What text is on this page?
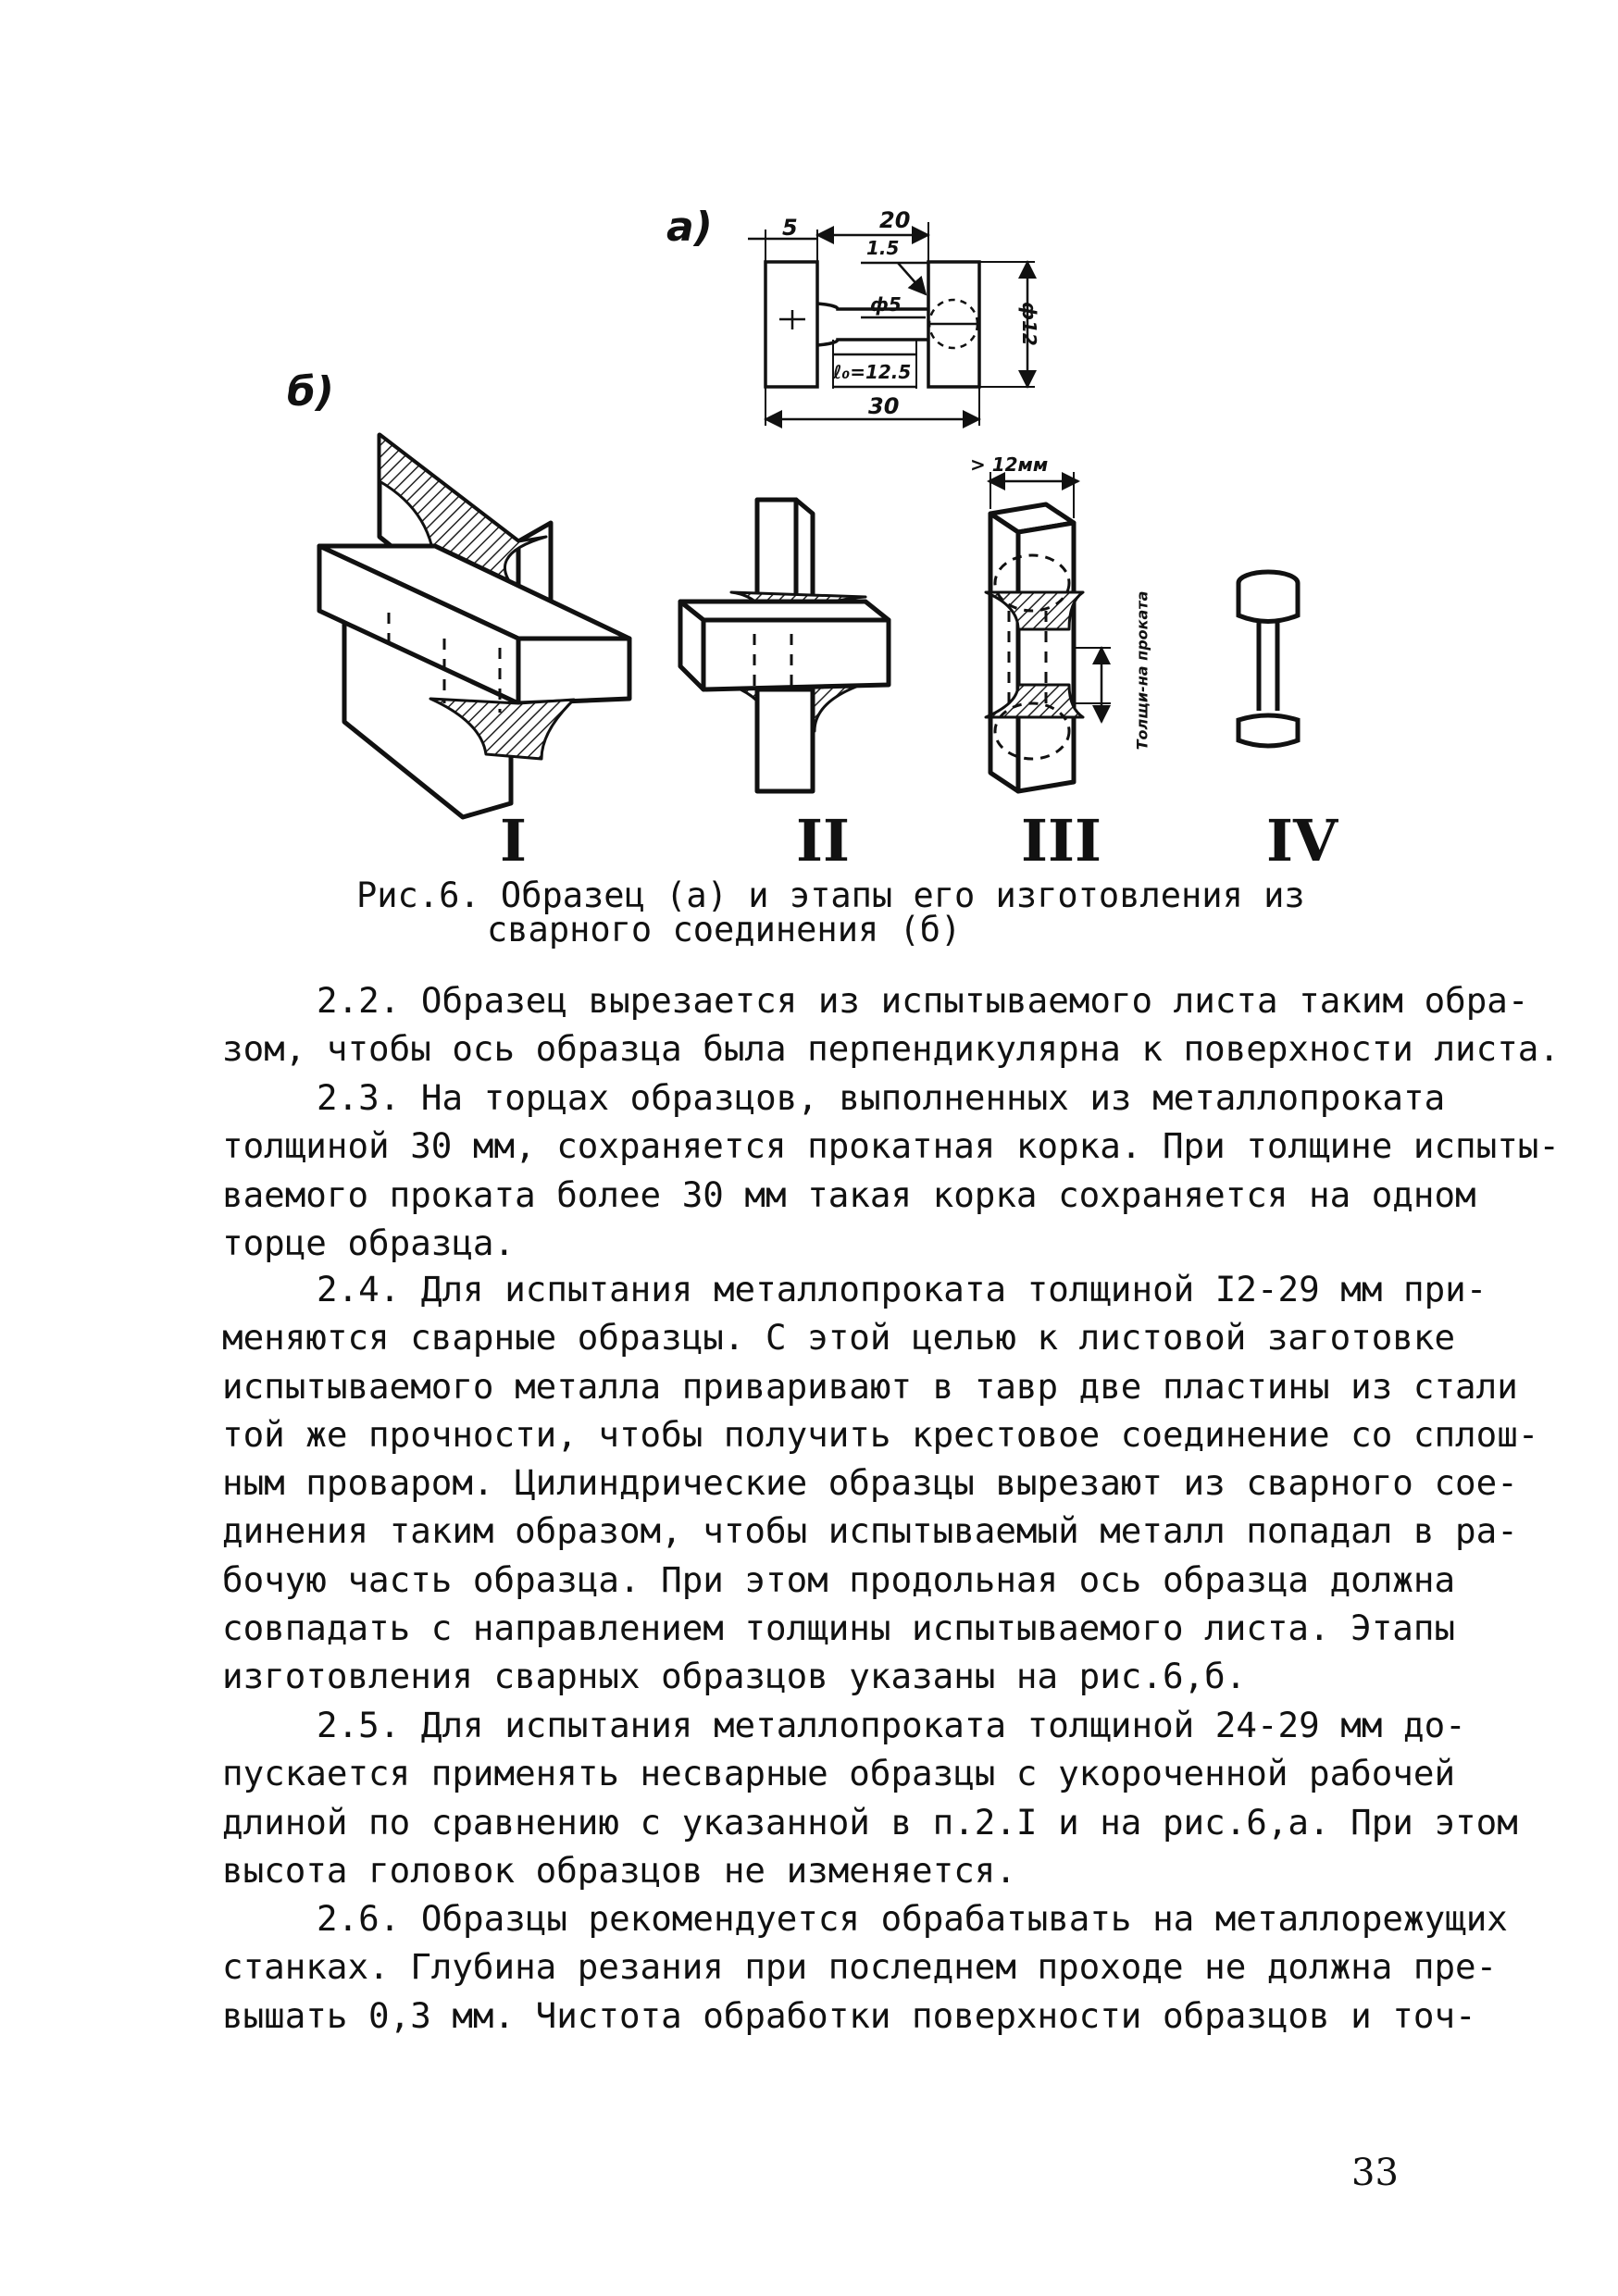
а)
б)
5	20
1.5
ф5
ℓ₀=12.5
30
ф12
> 12мм
Толщи-на проката
I	II	III	IV
Рис.6. Образец (а) и этапы его изготовления из
сварного соединения (б)
2.2. Образец вырезается из испытываемого листа таким обра-
зом, чтобы ось образца была перпендикулярна к поверхности листа.
2.3. На торцах образцов, выполненных из металлопроката
толщиной 30 мм, сохраняется прокатная корка. При толщине испыты-
ваемого проката более 30 мм такая корка сохраняется на одном
торце образца.
2.4. Для испытания металлопроката толщиной I2-29 мм при-
меняются сварные образцы. С этой целью к листовой заготовке
испытываемого металла приваривают в тавр две пластины из стали
той же прочности, чтобы получить крестовое соединение со сплош-
ным проваром. Цилиндрические образцы вырезают из сварного сое-
динения таким образом, чтобы испытываемый металл попадал в ра-
бочую часть образца. При этом продольная ось образца должна
совпадать с направлением толщины испытываемого листа. Этапы
изготовления сварных образцов указаны на рис.6,б.
2.5. Для испытания металлопроката толщиной 24-29 мм до-
пускается применять несварные образцы с укороченной рабочей
длиной по сравнению с указанной в п.2.I и на рис.6,а. При этом
высота головок образцов не изменяется.
2.6. Образцы рекомендуется обрабатывать на металлорежущих
станках. Глубина резания при последнем проходе не должна пре-
вышать 0,3 мм. Чистота обработки поверхности образцов и точ-
33
